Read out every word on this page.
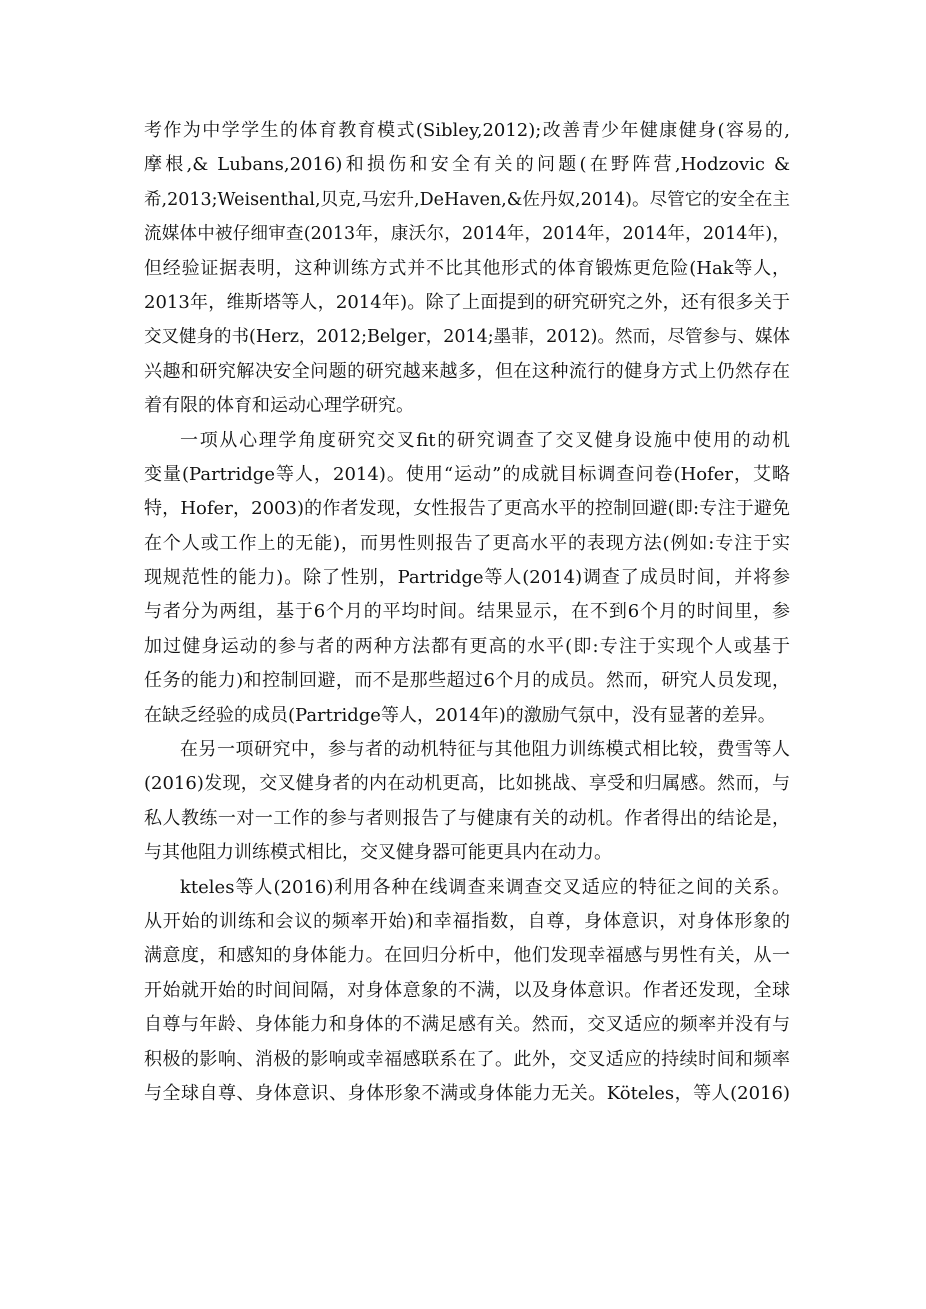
考作为中学学生的体育教育模式(Sibley,2012);改善青少年健康健身(容易的,
摩根,& Lubans,2016)和损伤和安全有关的问题(在野阵营,Hodzovic &
希,2013;Weisenthal,贝克,马宏升,DeHaven,&佐丹奴,2014)。尽管它的安全在主
流媒体中被仔细审查(2013年，康沃尔，2014年，2014年，2014年，2014年)，
但经验证据表明，这种训练方式并不比其他形式的体育锻炼更危险(Hak等人，
2013年，维斯塔等人，2014年)。除了上面提到的研究研究之外，还有很多关于
交叉健身的书(Herz，2012;Belger，2014;墨菲，2012)。然而，尽管参与、媒体
兴趣和研究解决安全问题的研究越来越多，但在这种流行的健身方式上仍然存在
着有限的体育和运动心理学研究。
一项从心理学角度研究交叉fit的研究调查了交叉健身设施中使用的动机
变量(Partridge等人，2014)。使用“运动”的成就目标调查问卷(Hofer，艾略
特，Hofer，2003)的作者发现，女性报告了更高水平的控制回避(即:专注于避免
在个人或工作上的无能)，而男性则报告了更高水平的表现方法(例如:专注于实
现规范性的能力)。除了性别，Partridge等人(2014)调查了成员时间，并将参
与者分为两组，基于6个月的平均时间。结果显示，在不到6个月的时间里，参
加过健身运动的参与者的两种方法都有更高的水平(即:专注于实现个人或基于
任务的能力)和控制回避，而不是那些超过6个月的成员。然而，研究人员发现，
在缺乏经验的成员(Partridge等人，2014年)的激励气氛中，没有显著的差异。
在另一项研究中，参与者的动机特征与其他阻力训练模式相比较，费雪等人
(2016)发现，交叉健身者的内在动机更高，比如挑战、享受和归属感。然而，与
私人教练一对一工作的参与者则报告了与健康有关的动机。作者得出的结论是，
与其他阻力训练模式相比，交叉健身器可能更具内在动力。
kteles等人(2016)利用各种在线调查来调查交叉适应的特征之间的关系。
从开始的训练和会议的频率开始)和幸福指数，自尊，身体意识，对身体形象的
满意度，和感知的身体能力。在回归分析中，他们发现幸福感与男性有关，从一
开始就开始的时间间隔，对身体意象的不满，以及身体意识。作者还发现，全球
自尊与年龄、身体能力和身体的不满足感有关。然而，交叉适应的频率并没有与
积极的影响、消极的影响或幸福感联系在了。此外，交叉适应的持续时间和频率
与全球自尊、身体意识、身体形象不满或身体能力无关。Köteles，等人(2016)
